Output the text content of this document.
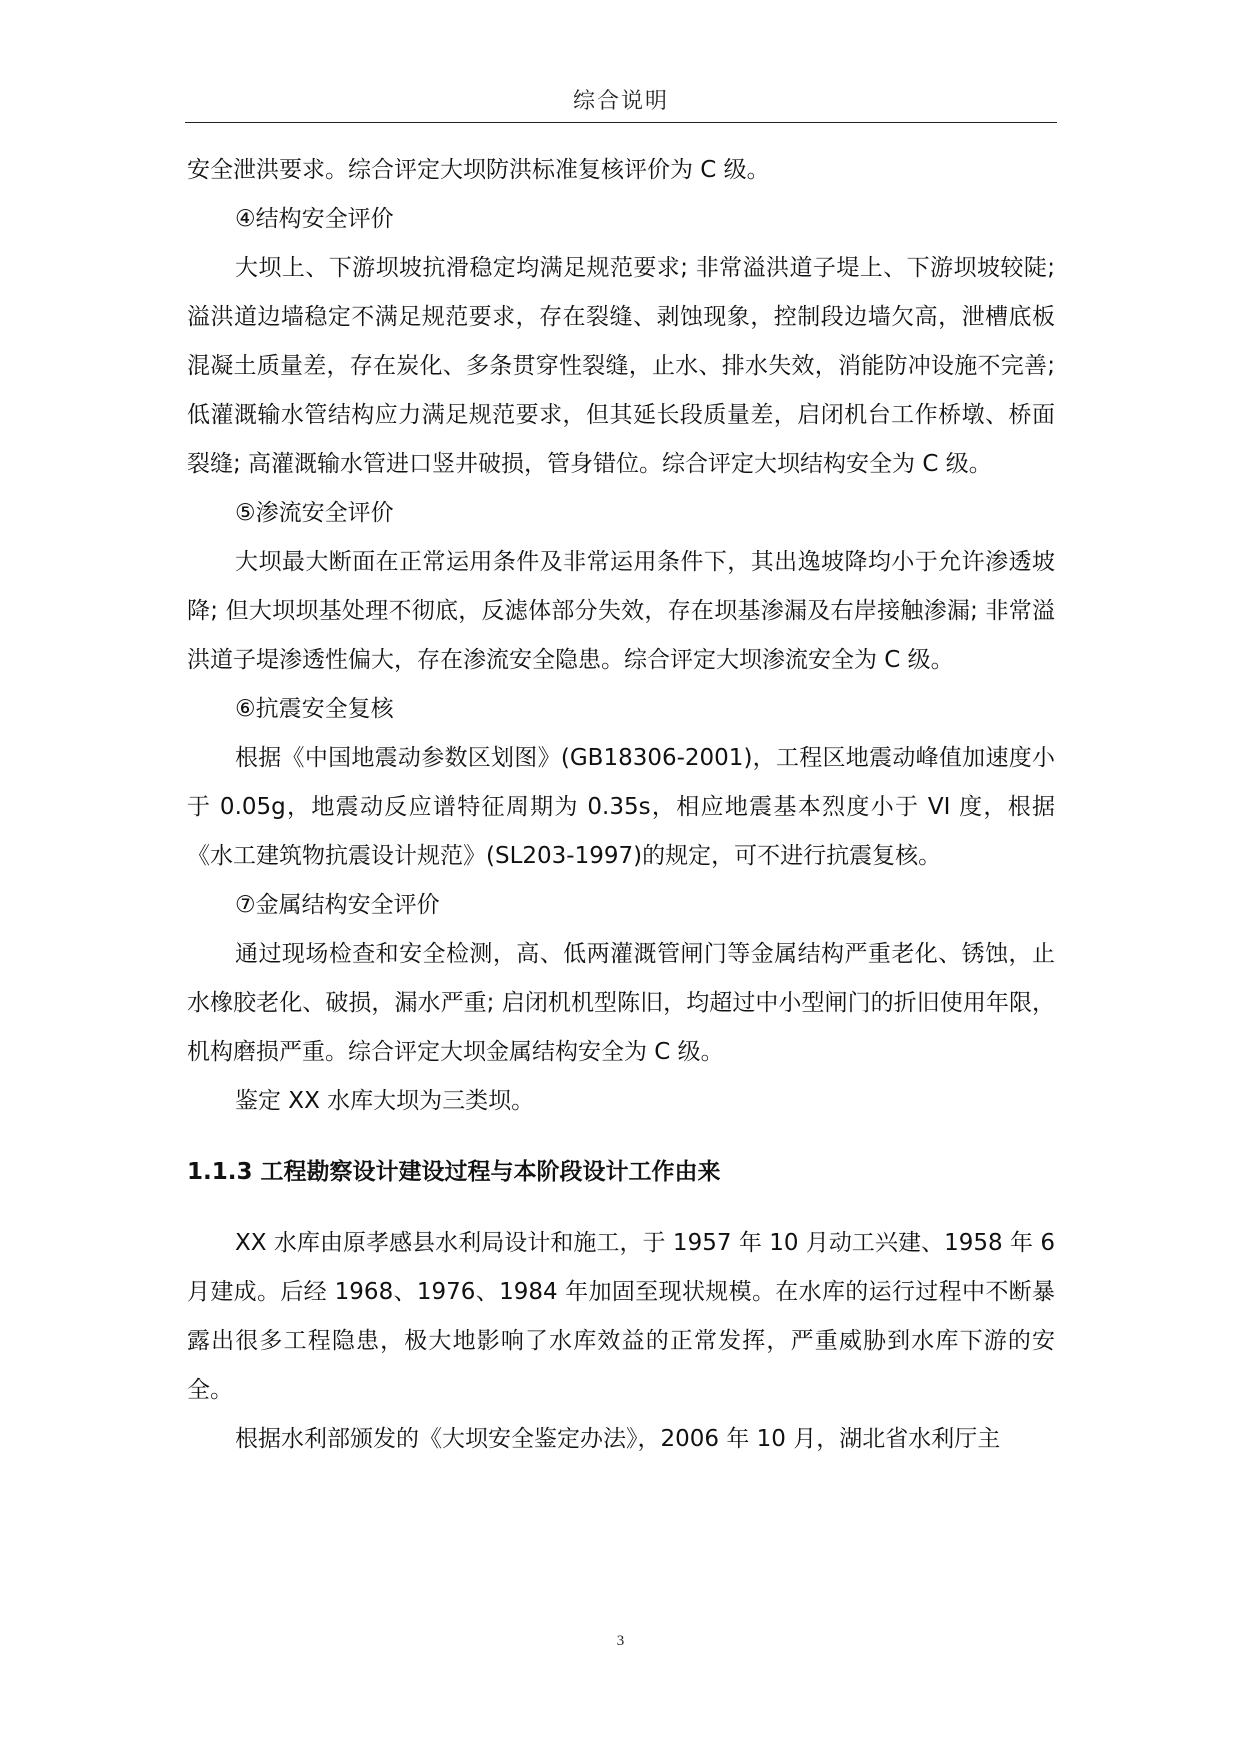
综合说明

安全泄洪要求。综合评定大坝防洪标准复核评价为 C 级。

④结构安全评价

大坝上、下游坝坡抗滑稳定均满足规范要求; 非常溢洪道子堤上、下游坝坡较陡; 溢洪道边墙稳定不满足规范要求，存在裂缝、剥蚀现象，控制段边墙欠高，泄槽底板混凝土质量差，存在炭化、多条贯穿性裂缝，止水、排水失效，消能防冲设施不完善; 低灌溉输水管结构应力满足规范要求，但其延长段质量差，启闭机台工作桥墩、桥面裂缝; 高灌溉输水管进口竖井破损，管身错位。综合评定大坝结构安全为 C 级。

⑤渗流安全评价

大坝最大断面在正常运用条件及非常运用条件下，其出逸坡降均小于允许渗透坡降; 但大坝坝基处理不彻底，反滤体部分失效，存在坝基渗漏及右岸接触渗漏; 非常溢洪道子堤渗透性偏大，存在渗流安全隐患。综合评定大坝渗流安全为 C 级。

⑥抗震安全复核

根据《中国地震动参数区划图》(GB18306-2001)，工程区地震动峰值加速度小于 0.05g，地震动反应谱特征周期为 0.35s，相应地震基本烈度小于 VI 度，根据《水工建筑物抗震设计规范》(SL203-1997)的规定，可不进行抗震复核。

⑦金属结构安全评价

通过现场检查和安全检测，高、低两灌溉管闸门等金属结构严重老化、锈蚀，止水橡胶老化、破损，漏水严重; 启闭机机型陈旧，均超过中小型闸门的折旧使用年限，机构磨损严重。综合评定大坝金属结构安全为 C 级。

鉴定 XX 水库大坝为三类坝。

1.1.3 工程勘察设计建设过程与本阶段设计工作由来

XX 水库由原孝感县水利局设计和施工，于 1957 年 10 月动工兴建、1958 年 6 月建成。后经 1968、1976、1984 年加固至现状规模。在水库的运行过程中不断暴露出很多工程隐患，极大地影响了水库效益的正常发挥，严重威胁到水库下游的安全。

根据水利部颁发的《大坝安全鉴定办法》，2006 年 10 月，湖北省水利厅主

3
